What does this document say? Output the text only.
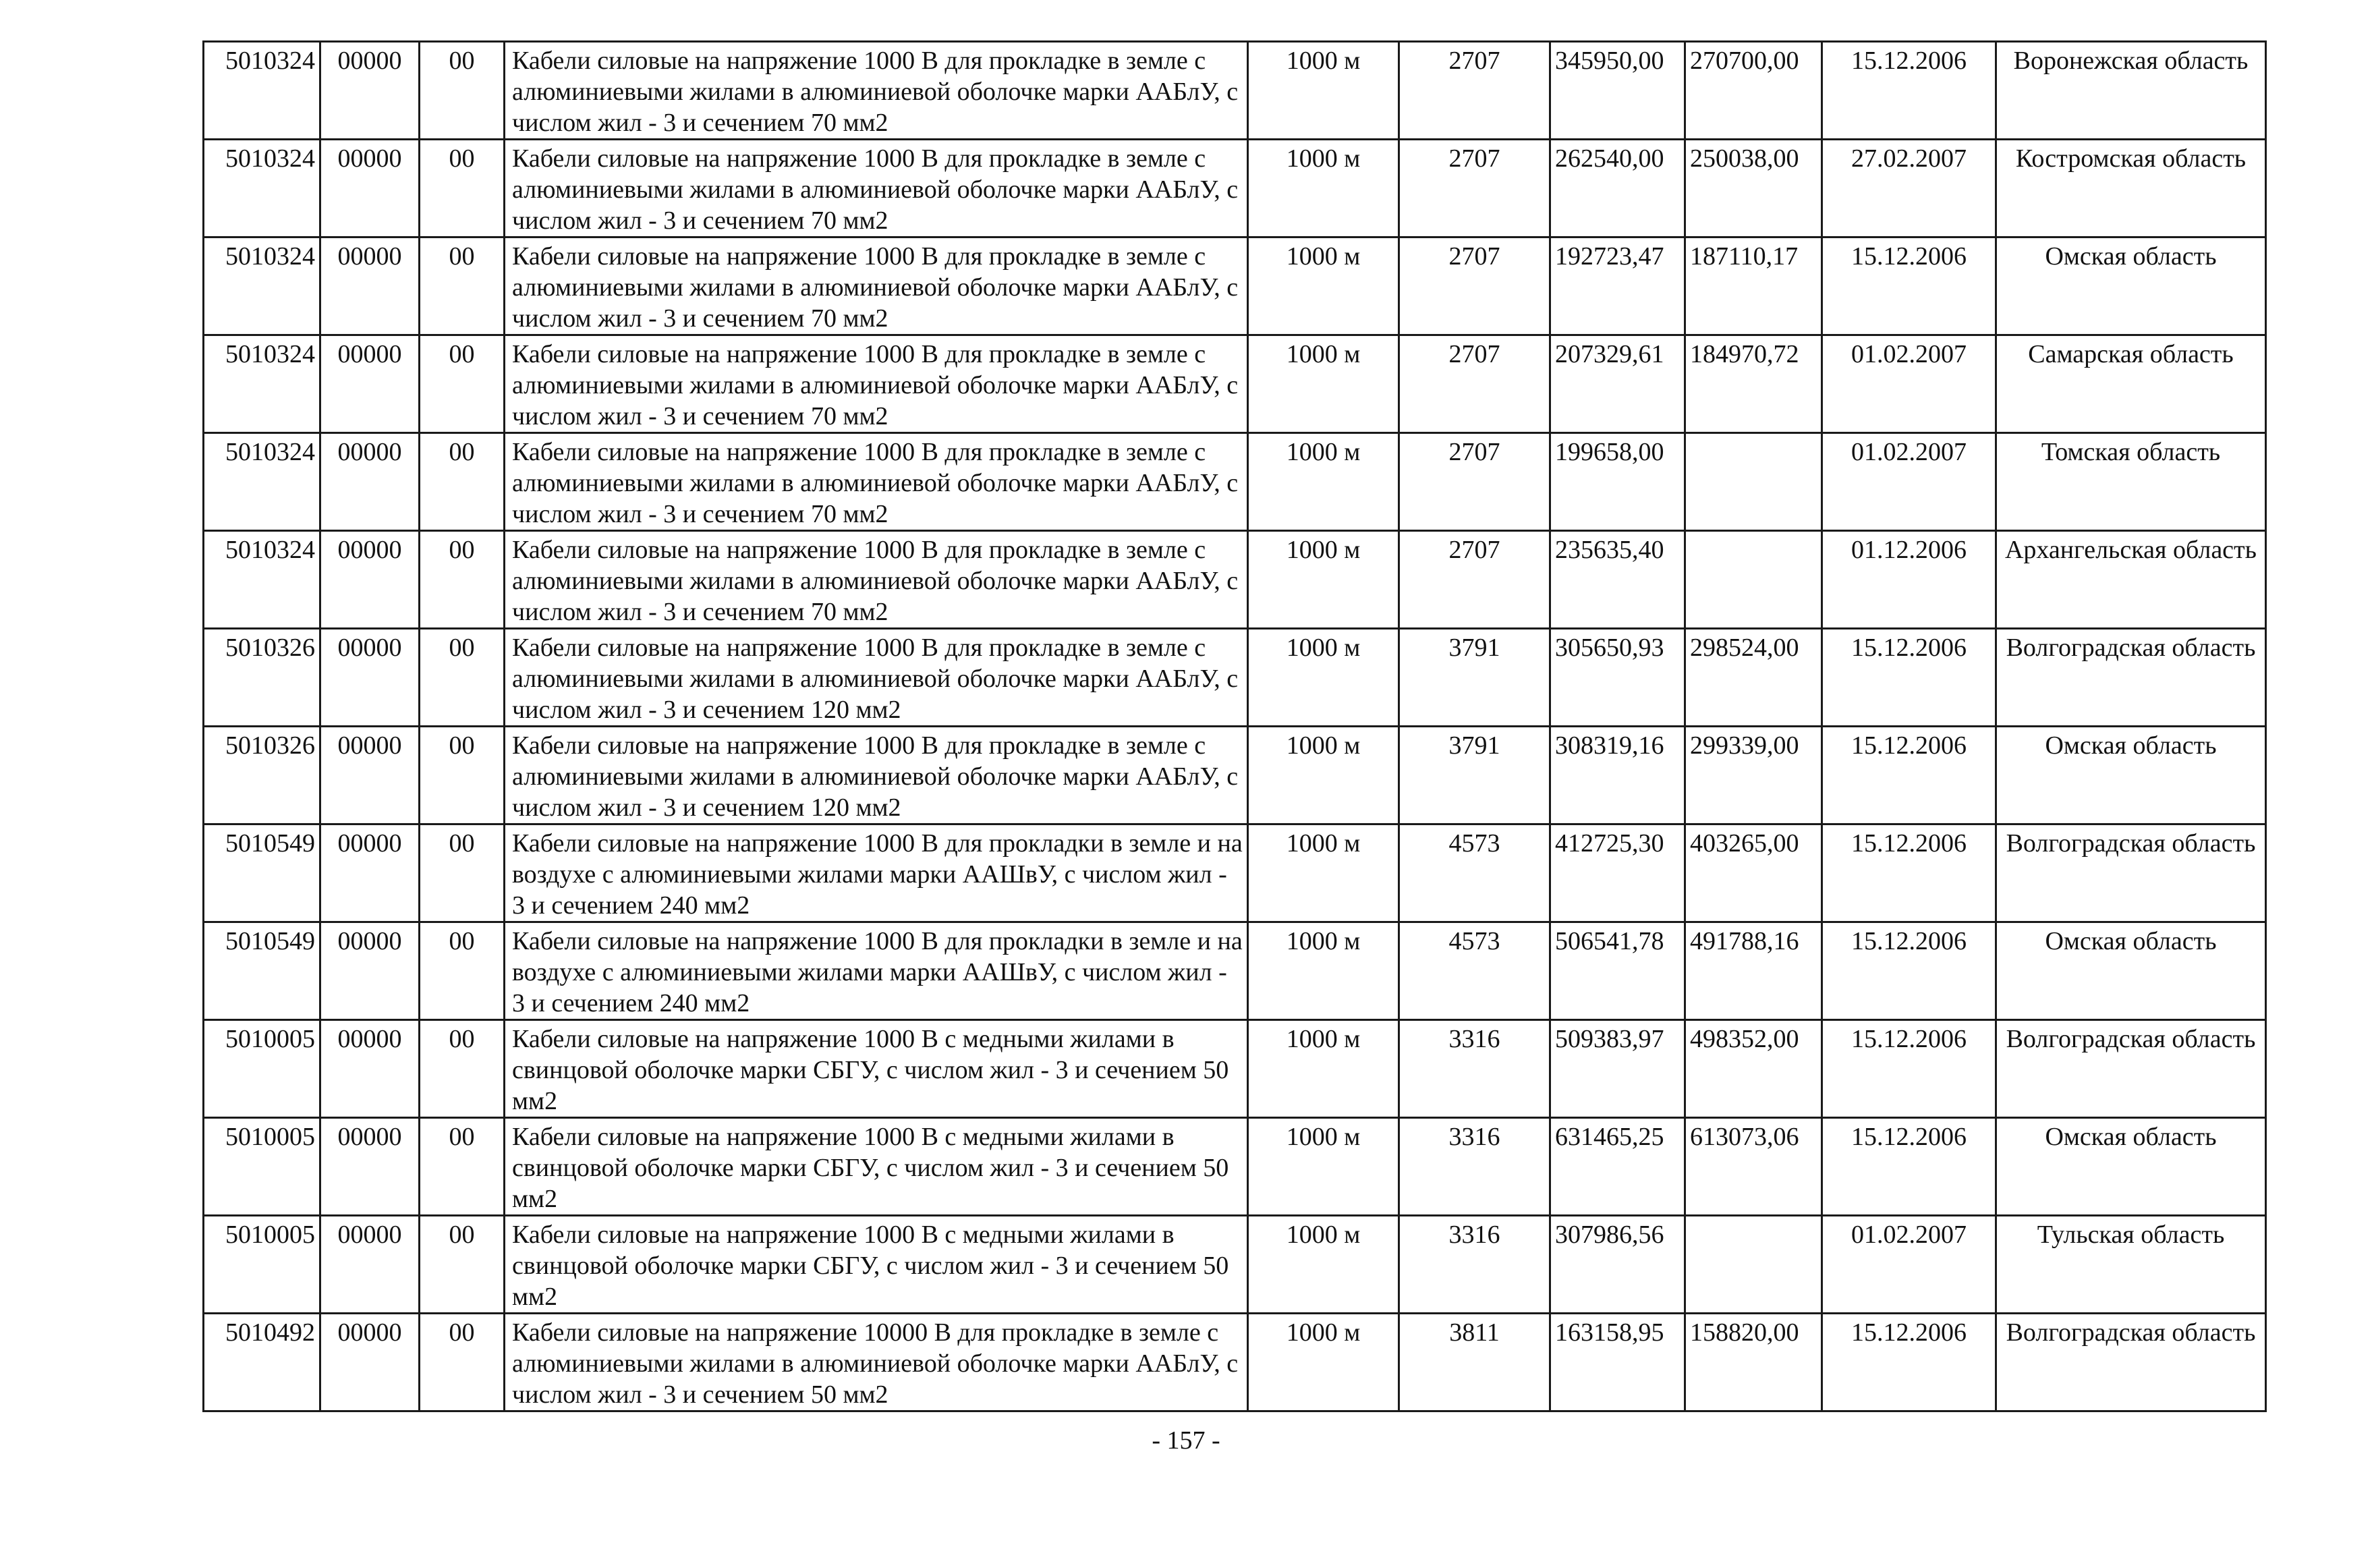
5010324	00000	00	Кабели силовые на напряжение 1000 В для прокладке в земле с алюминиевыми жилами в алюминиевой оболочке марки ААБлУ, с числом жил - 3 и сечением 70 мм2	1000 м	2707	345950,00	270700,00	15.12.2006	Воронежская область
5010324	00000	00	Кабели силовые на напряжение 1000 В для прокладке в земле с алюминиевыми жилами в алюминиевой оболочке марки ААБлУ, с числом жил - 3 и сечением 70 мм2	1000 м	2707	262540,00	250038,00	27.02.2007	Костромская область
5010324	00000	00	Кабели силовые на напряжение 1000 В для прокладке в земле с алюминиевыми жилами в алюминиевой оболочке марки ААБлУ, с числом жил - 3 и сечением 70 мм2	1000 м	2707	192723,47	187110,17	15.12.2006	Омская область
5010324	00000	00	Кабели силовые на напряжение 1000 В для прокладке в земле с алюминиевыми жилами в алюминиевой оболочке марки ААБлУ, с числом жил - 3 и сечением 70 мм2	1000 м	2707	207329,61	184970,72	01.02.2007	Самарская область
5010324	00000	00	Кабели силовые на напряжение 1000 В для прокладке в земле с алюминиевыми жилами в алюминиевой оболочке марки ААБлУ, с числом жил - 3 и сечением 70 мм2	1000 м	2707	199658,00		01.02.2007	Томская область
5010324	00000	00	Кабели силовые на напряжение 1000 В для прокладке в земле с алюминиевыми жилами в алюминиевой оболочке марки ААБлУ, с числом жил - 3 и сечением 70 мм2	1000 м	2707	235635,40		01.12.2006	Архангельская область
5010326	00000	00	Кабели силовые на напряжение 1000 В для прокладке в земле с алюминиевыми жилами в алюминиевой оболочке марки ААБлУ, с числом жил - 3 и сечением 120 мм2	1000 м	3791	305650,93	298524,00	15.12.2006	Волгоградская область
5010326	00000	00	Кабели силовые на напряжение 1000 В для прокладке в земле с алюминиевыми жилами в алюминиевой оболочке марки ААБлУ, с числом жил - 3 и сечением 120 мм2	1000 м	3791	308319,16	299339,00	15.12.2006	Омская область
5010549	00000	00	Кабели силовые на напряжение 1000 В для прокладки в земле и на воздухе с алюминиевыми жилами марки ААШвУ, с числом жил - 3 и сечением 240 мм2	1000 м	4573	412725,30	403265,00	15.12.2006	Волгоградская область
5010549	00000	00	Кабели силовые на напряжение 1000 В для прокладки в земле и на воздухе с алюминиевыми жилами марки ААШвУ, с числом жил - 3 и сечением 240 мм2	1000 м	4573	506541,78	491788,16	15.12.2006	Омская область
5010005	00000	00	Кабели силовые на напряжение 1000 В с медными жилами в свинцовой оболочке марки СБГУ, с числом жил - 3 и сечением 50 мм2	1000 м	3316	509383,97	498352,00	15.12.2006	Волгоградская область
5010005	00000	00	Кабели силовые на напряжение 1000 В с медными жилами в свинцовой оболочке марки СБГУ, с числом жил - 3 и сечением 50 мм2	1000 м	3316	631465,25	613073,06	15.12.2006	Омская область
5010005	00000	00	Кабели силовые на напряжение 1000 В с медными жилами в свинцовой оболочке марки СБГУ, с числом жил - 3 и сечением 50 мм2	1000 м	3316	307986,56		01.02.2007	Тульская область
5010492	00000	00	Кабели силовые на напряжение 10000 В для прокладке в земле с алюминиевыми жилами в алюминиевой оболочке марки ААБлУ, с числом жил - 3 и сечением 50 мм2	1000 м	3811	163158,95	158820,00	15.12.2006	Волгоградская область
- 157 -
